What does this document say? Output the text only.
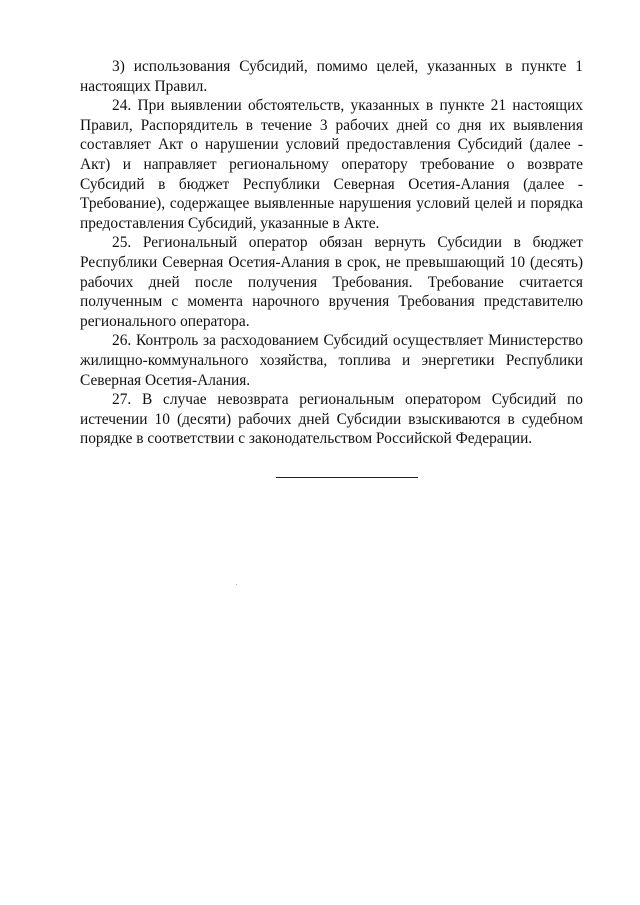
3) использования Субсидий, помимо целей, указанных в пункте 1 настоящих Правил.

24. При выявлении обстоятельств, указанных в пункте 21 настоящих Правил, Распорядитель в течение 3 рабочих дней со дня их выявления составляет Акт о нарушении условий предоставления Субсидий (далее - Акт) и направляет региональному оператору требование о возврате Субсидий в бюджет Республики Северная Осетия-Алания (далее - Требование), содержащее выявленные нарушения условий целей и порядка предоставления Субсидий, указанные в Акте.

25. Региональный оператор обязан вернуть Субсидии в бюджет Республики Северная Осетия-Алания в срок, не превышающий 10 (десять) рабочих дней после получения Требования. Требование считается полученным с момента нарочного вручения Требования представителю регионального оператора.

26. Контроль за расходованием Субсидий осуществляет Министерство жилищно-коммунального хозяйства, топлива и энергетики Республики Северная Осетия-Алания.

27. В случае невозврата региональным оператором Субсидий по истечении 10 (десяти) рабочих дней Субсидии взыскиваются в судебном порядке в соответствии с законодательством Российской Федерации.
